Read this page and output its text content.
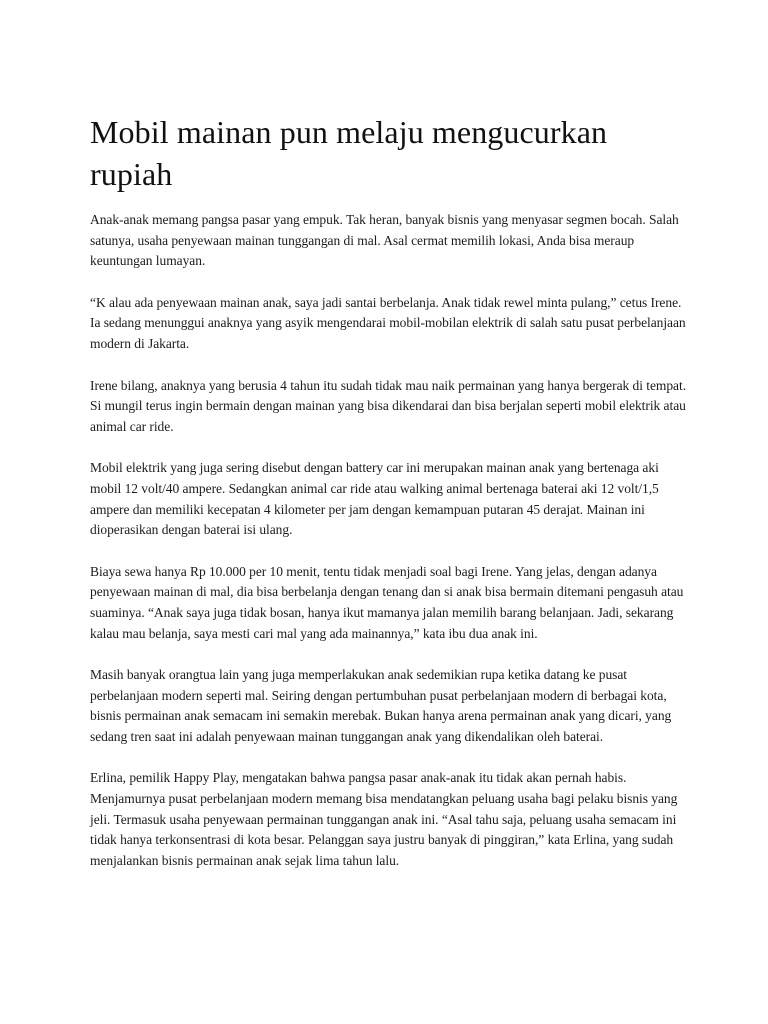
Mobil mainan pun melaju mengucurkan rupiah

Anak-anak memang pangsa pasar yang empuk. Tak heran, banyak bisnis yang menyasar segmen bocah. Salah satunya, usaha penyewaan mainan tunggangan di mal. Asal cermat memilih lokasi, Anda bisa meraup keuntungan lumayan.

“K alau ada penyewaan mainan anak, saya jadi santai berbelanja. Anak tidak rewel minta pulang,” cetus Irene. Ia sedang menunggui anaknya yang asyik mengendarai mobil-mobilan elektrik di salah satu pusat perbelanjaan modern di Jakarta.

Irene bilang, anaknya yang berusia 4 tahun itu sudah tidak mau naik permainan yang hanya bergerak di tempat. Si mungil terus ingin bermain dengan mainan yang bisa dikendarai dan bisa berjalan seperti mobil elektrik atau animal car ride.

Mobil elektrik yang juga sering disebut dengan battery car ini merupakan mainan anak yang bertenaga aki mobil 12 volt/40 ampere. Sedangkan animal car ride atau walking animal bertenaga baterai aki 12 volt/1,5 ampere dan memiliki kecepatan 4 kilometer per jam dengan kemampuan putaran 45 derajat. Mainan ini dioperasikan dengan baterai isi ulang.

Biaya sewa hanya Rp 10.000 per 10 menit, tentu tidak menjadi soal bagi Irene. Yang jelas, dengan adanya penyewaan mainan di mal, dia bisa berbelanja dengan tenang dan si anak bisa bermain ditemani pengasuh atau suaminya. “Anak saya juga tidak bosan, hanya ikut mamanya jalan memilih barang belanjaan. Jadi, sekarang kalau mau belanja, saya mesti cari mal yang ada mainannya,” kata ibu dua anak ini.

Masih banyak orangtua lain yang juga memperlakukan anak sedemikian rupa ketika datang ke pusat perbelanjaan modern seperti mal. Seiring dengan pertumbuhan pusat perbelanjaan modern di berbagai kota, bisnis permainan anak semacam ini semakin merebak. Bukan hanya arena permainan anak yang dicari, yang sedang tren saat ini adalah penyewaan mainan tunggangan anak yang dikendalikan oleh baterai.

Erlina, pemilik Happy Play, mengatakan bahwa pangsa pasar anak-anak itu tidak akan pernah habis. Menjamurnya pusat perbelanjaan modern memang bisa mendatangkan peluang usaha bagi pelaku bisnis yang jeli. Termasuk usaha penyewaan permainan tunggangan anak ini. “Asal tahu saja, peluang usaha semacam ini tidak hanya terkonsentrasi di kota besar. Pelanggan saya justru banyak di pinggiran,” kata Erlina, yang sudah menjalankan bisnis permainan anak sejak lima tahun lalu.
